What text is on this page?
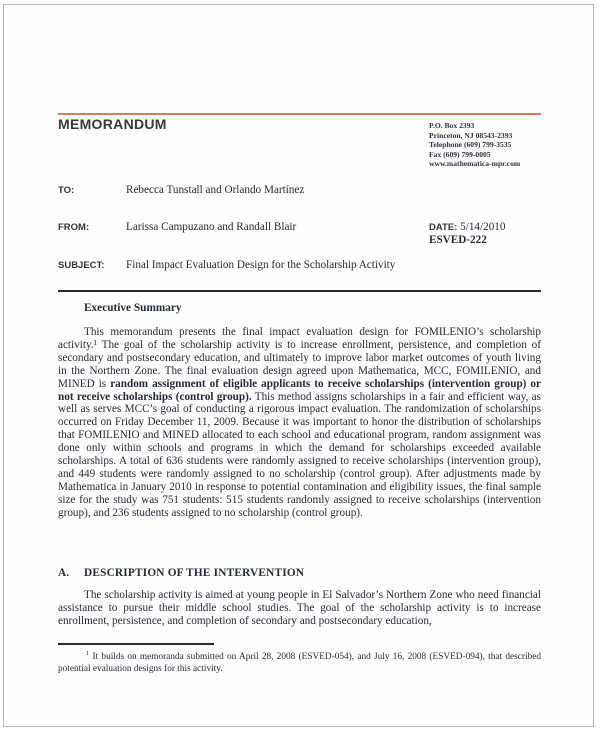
MEMORANDUM	P.O. Box 2393
Princeton, NJ 08543-2393
Telephone (609) 799-3535
Fax (609) 799-0005
www.mathematica-mpr.com
TO:	Rebecca Tunstall and Orlando Martínez
FROM:	Larissa Campuzano and Randall Blair	DATE: 5/14/2010
ESVED-222
SUBJECT: Final Impact Evaluation Design for the Scholarship Activity
Executive Summary
This memorandum presents the final impact evaluation design for FOMILENIO’s scholarship activity.¹ The goal of the scholarship activity is to increase enrollment, persistence, and completion of secondary and postsecondary education, and ultimately to improve labor market outcomes of youth living in the Northern Zone. The final evaluation design agreed upon Mathematica, MCC, FOMILENIO, and MINED is random assignment of eligible applicants to receive scholarships (intervention group) or not receive scholarships (control group). This method assigns scholarships in a fair and efficient way, as well as serves MCC’s goal of conducting a rigorous impact evaluation. The randomization of scholarships occurred on Friday December 11, 2009. Because it was important to honor the distribution of scholarships that FOMILENIO and MINED allocated to each school and educational program, random assignment was done only within schools and programs in which the demand for scholarships exceeded available scholarships. A total of 636 students were randomly assigned to receive scholarships (intervention group), and 449 students were randomly assigned to no scholarship (control group). After adjustments made by Mathematica in January 2010 in response to potential contamination and eligibility issues, the final sample size for the study was 751 students: 515 students randomly assigned to receive scholarships (intervention group), and 236 students assigned to no scholarship (control group).
A. DESCRIPTION OF THE INTERVENTION
The scholarship activity is aimed at young people in El Salvador’s Northern Zone who need financial assistance to pursue their middle school studies. The goal of the scholarship activity is to increase enrollment, persistence, and completion of secondary and postsecondary education,
$^1$ It builds on memoranda submitted on April 28, 2008 (ESVED-054), and July 16, 2008 (ESVED-094), that described potential evaluation designs for this activity.
